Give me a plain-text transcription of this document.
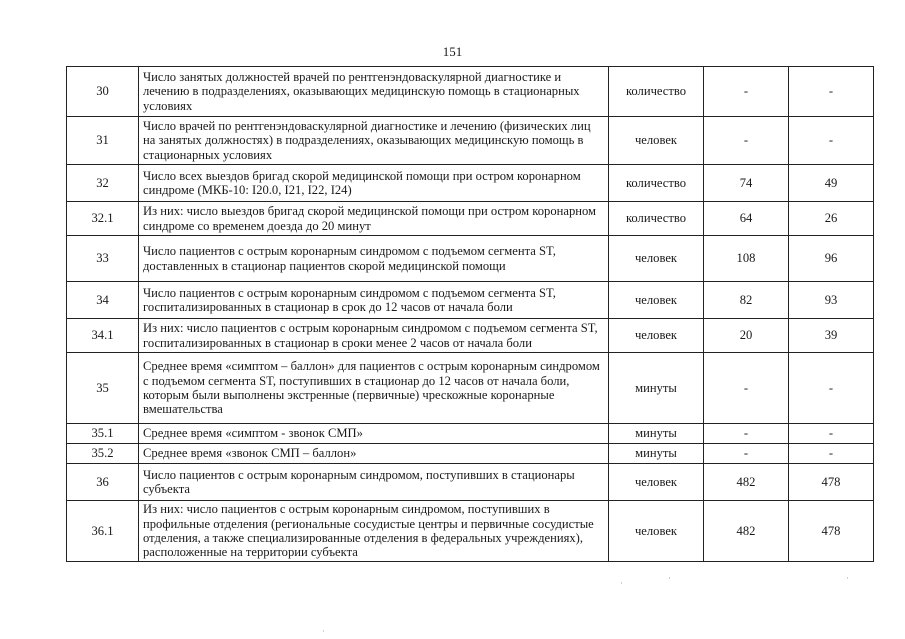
151
30	Число занятых должностей врачей по рентгенэндоваскулярной диагностике и лечению в подразделениях, оказывающих медицинскую помощь в стационарных условиях	количество	-	-
31	Число врачей по рентгенэндоваскулярной диагностике и лечению (физических лиц на занятых должностях) в подразделениях, оказывающих медицинскую помощь в стационарных условиях	человек	-	-
32	Число всех выездов бригад скорой медицинской помощи при остром коронарном синдроме (МКБ-10: I20.0, I21, I22, I24)	количество	74	49
32.1	Из них: число выездов бригад скорой медицинской помощи при остром коронарном синдроме со временем доезда до 20 минут	количество	64	26
33	Число пациентов с острым коронарным синдромом с подъемом сегмента ST, доставленных в стационар пациентов скорой медицинской помощи	человек	108	96
34	Число пациентов с острым коронарным синдромом с подъемом сегмента ST, госпитализированных в стационар в срок до 12 часов от начала боли	человек	82	93
34.1	Из них: число пациентов с острым коронарным синдромом с подъемом сегмента ST, госпитализированных в стационар в сроки менее 2 часов от начала боли	человек	20	39
35	Среднее время «симптом – баллон» для пациентов с острым коронарным синдромом с подъемом сегмента ST, поступивших в стационар до 12 часов от начала боли, которым были выполнены экстренные (первичные) чрескожные коронарные вмешательства	минуты	-	-
35.1	Среднее время «симптом - звонок СМП»	минуты	-	-
35.2	Среднее время «звонок СМП – баллон»	минуты	-	-
36	Число пациентов с острым коронарным синдромом, поступивших в стационары субъекта	человек	482	478
36.1	Из них: число пациентов с острым коронарным синдромом, поступивших в профильные отделения (региональные сосудистые центры и первичные сосудистые отделения, а также специализированные отделения в федеральных учреждениях), расположенные на территории субъекта	человек	482	478
·	·	·
·
